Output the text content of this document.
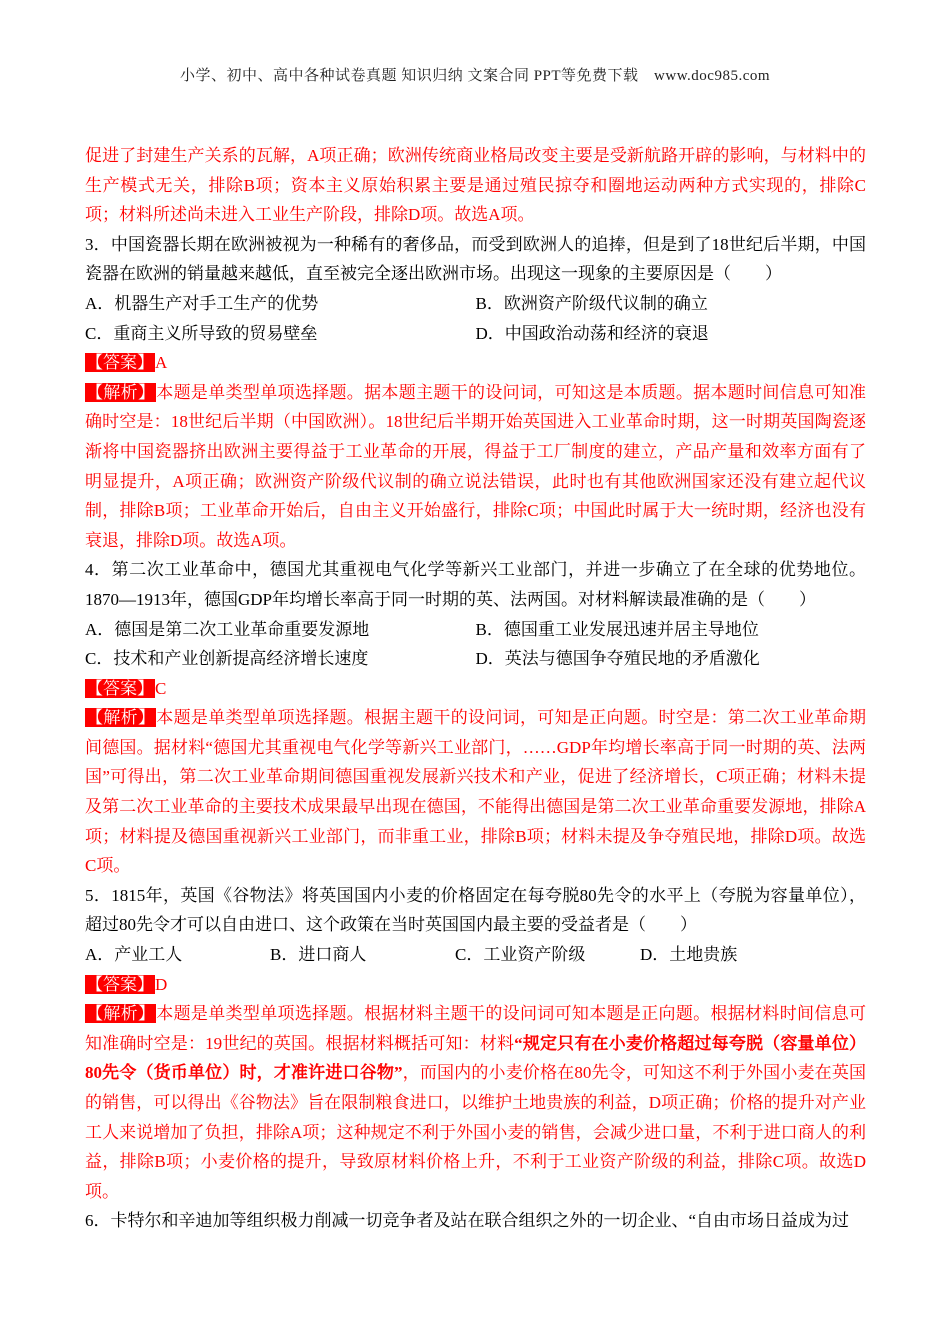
小学、初中、高中各种试卷真题 知识归纳 文案合同 PPT等免费下载　www.doc985.com

促进了封建生产关系的瓦解，A项正确；欧洲传统商业格局改变主要是受新航路开辟的影响，与材料中的生产模式无关，排除B项；资本主义原始积累主要是通过殖民掠夺和圈地运动两种方式实现的，排除C项；材料所述尚未进入工业生产阶段，排除D项。故选A项。

3．中国瓷器长期在欧洲被视为一种稀有的奢侈品，而受到欧洲人的追捧，但是到了18世纪后半期，中国瓷器在欧洲的销量越来越低，直至被完全逐出欧洲市场。出现这一现象的主要原因是（　　）

A．机器生产对手工生产的优势	B．欧洲资产阶级代议制的确立
C．重商主义所导致的贸易壁垒	D．中国政治动荡和经济的衰退

【答案】A

【解析】本题是单类型单项选择题。据本题主题干的设问词，可知这是本质题。据本题时间信息可知准确时空是：18世纪后半期（中国欧洲）。18世纪后半期开始英国进入工业革命时期，这一时期英国陶瓷逐渐将中国瓷器挤出欧洲主要得益于工业革命的开展，得益于工厂制度的建立，产品产量和效率方面有了明显提升，A项正确；欧洲资产阶级代议制的确立说法错误，此时也有其他欧洲国家还没有建立起代议制，排除B项；工业革命开始后，自由主义开始盛行，排除C项；中国此时属于大一统时期，经济也没有衰退，排除D项。故选A项。

4．第二次工业革命中，德国尤其重视电气化学等新兴工业部门，并进一步确立了在全球的优势地位。1870—1913年，德国GDP年均增长率高于同一时期的英、法两国。对材料解读最准确的是（　　）

A．德国是第二次工业革命重要发源地	B．德国重工业发展迅速并居主导地位
C．技术和产业创新提高经济增长速度	D．英法与德国争夺殖民地的矛盾激化

【答案】C

【解析】本题是单类型单项选择题。根据主题干的设问词，可知是正向题。时空是：第二次工业革命期间德国。据材料“德国尤其重视电气化学等新兴工业部门，……GDP年均增长率高于同一时期的英、法两国”可得出，第二次工业革命期间德国重视发展新兴技术和产业，促进了经济增长，C项正确；材料未提及第二次工业革命的主要技术成果最早出现在德国，不能得出德国是第二次工业革命重要发源地，排除A项；材料提及德国重视新兴工业部门，而非重工业，排除B项；材料未提及争夺殖民地，排除D项。故选C项。

5．1815年，英国《谷物法》将英国国内小麦的价格固定在每夸脱80先令的水平上（夸脱为容量单位），超过80先令才可以自由进口、这个政策在当时英国国内最主要的受益者是（　　）

A．产业工人	B．进口商人	C．工业资产阶级	D．土地贵族

【答案】D

【解析】本题是单类型单项选择题。根据材料主题干的设问词可知本题是正向题。根据材料时间信息可知准确时空是：19世纪的英国。根据材料概括可知：材料“规定只有在小麦价格超过每夸脱（容量单位）80先令（货币单位）时，才准许进口谷物”，而国内的小麦价格在80先令，可知这不利于外国小麦在英国的销售，可以得出《谷物法》旨在限制粮食进口，以维护土地贵族的利益，D项正确；价格的提升对产业工人来说增加了负担，排除A项；这种规定不利于外国小麦的销售，会减少进口量，不利于进口商人的利益，排除B项；小麦价格的提升，导致原材料价格上升，不利于工业资产阶级的利益，排除C项。故选D项。

6．卡特尔和辛迪加等组织极力削减一切竞争者及站在联合组织之外的一切企业、“自由市场日益成为过
